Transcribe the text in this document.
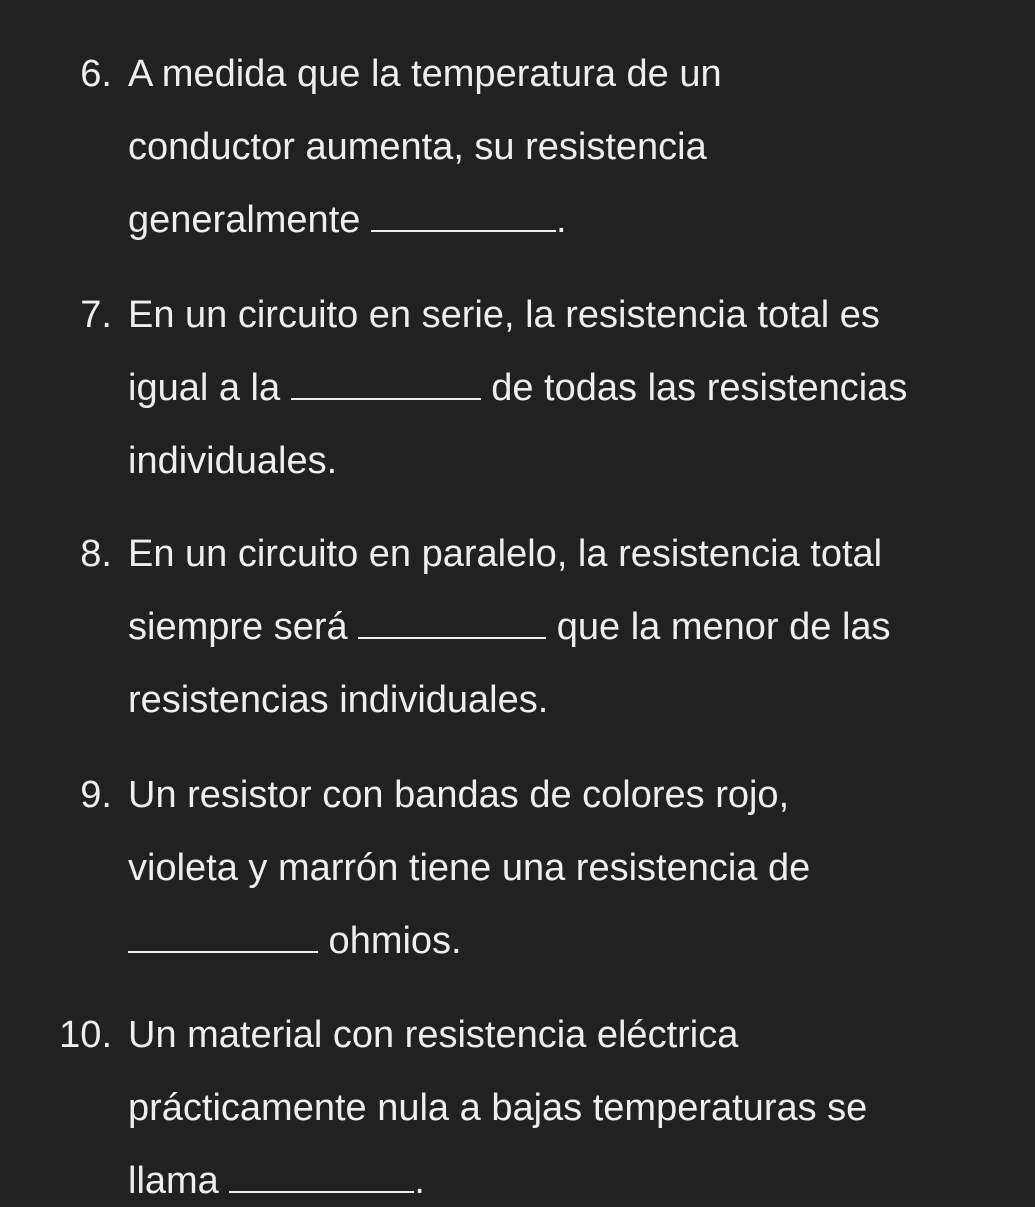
6. A medida que la temperatura de un
conductor aumenta, su resistencia
generalmente	.
7. En un circuito en serie, la resistencia total es
igual a la	de todas las resistencias
individuales.
8. En un circuito en paralelo, la resistencia total
siempre será	que la menor de las
resistencias individuales.
9. Un resistor con bandas de colores rojo,
violeta y marrón tiene una resistencia de
ohmios.
10. Un material con resistencia eléctrica
prácticamente nula a bajas temperaturas se
llama	.
